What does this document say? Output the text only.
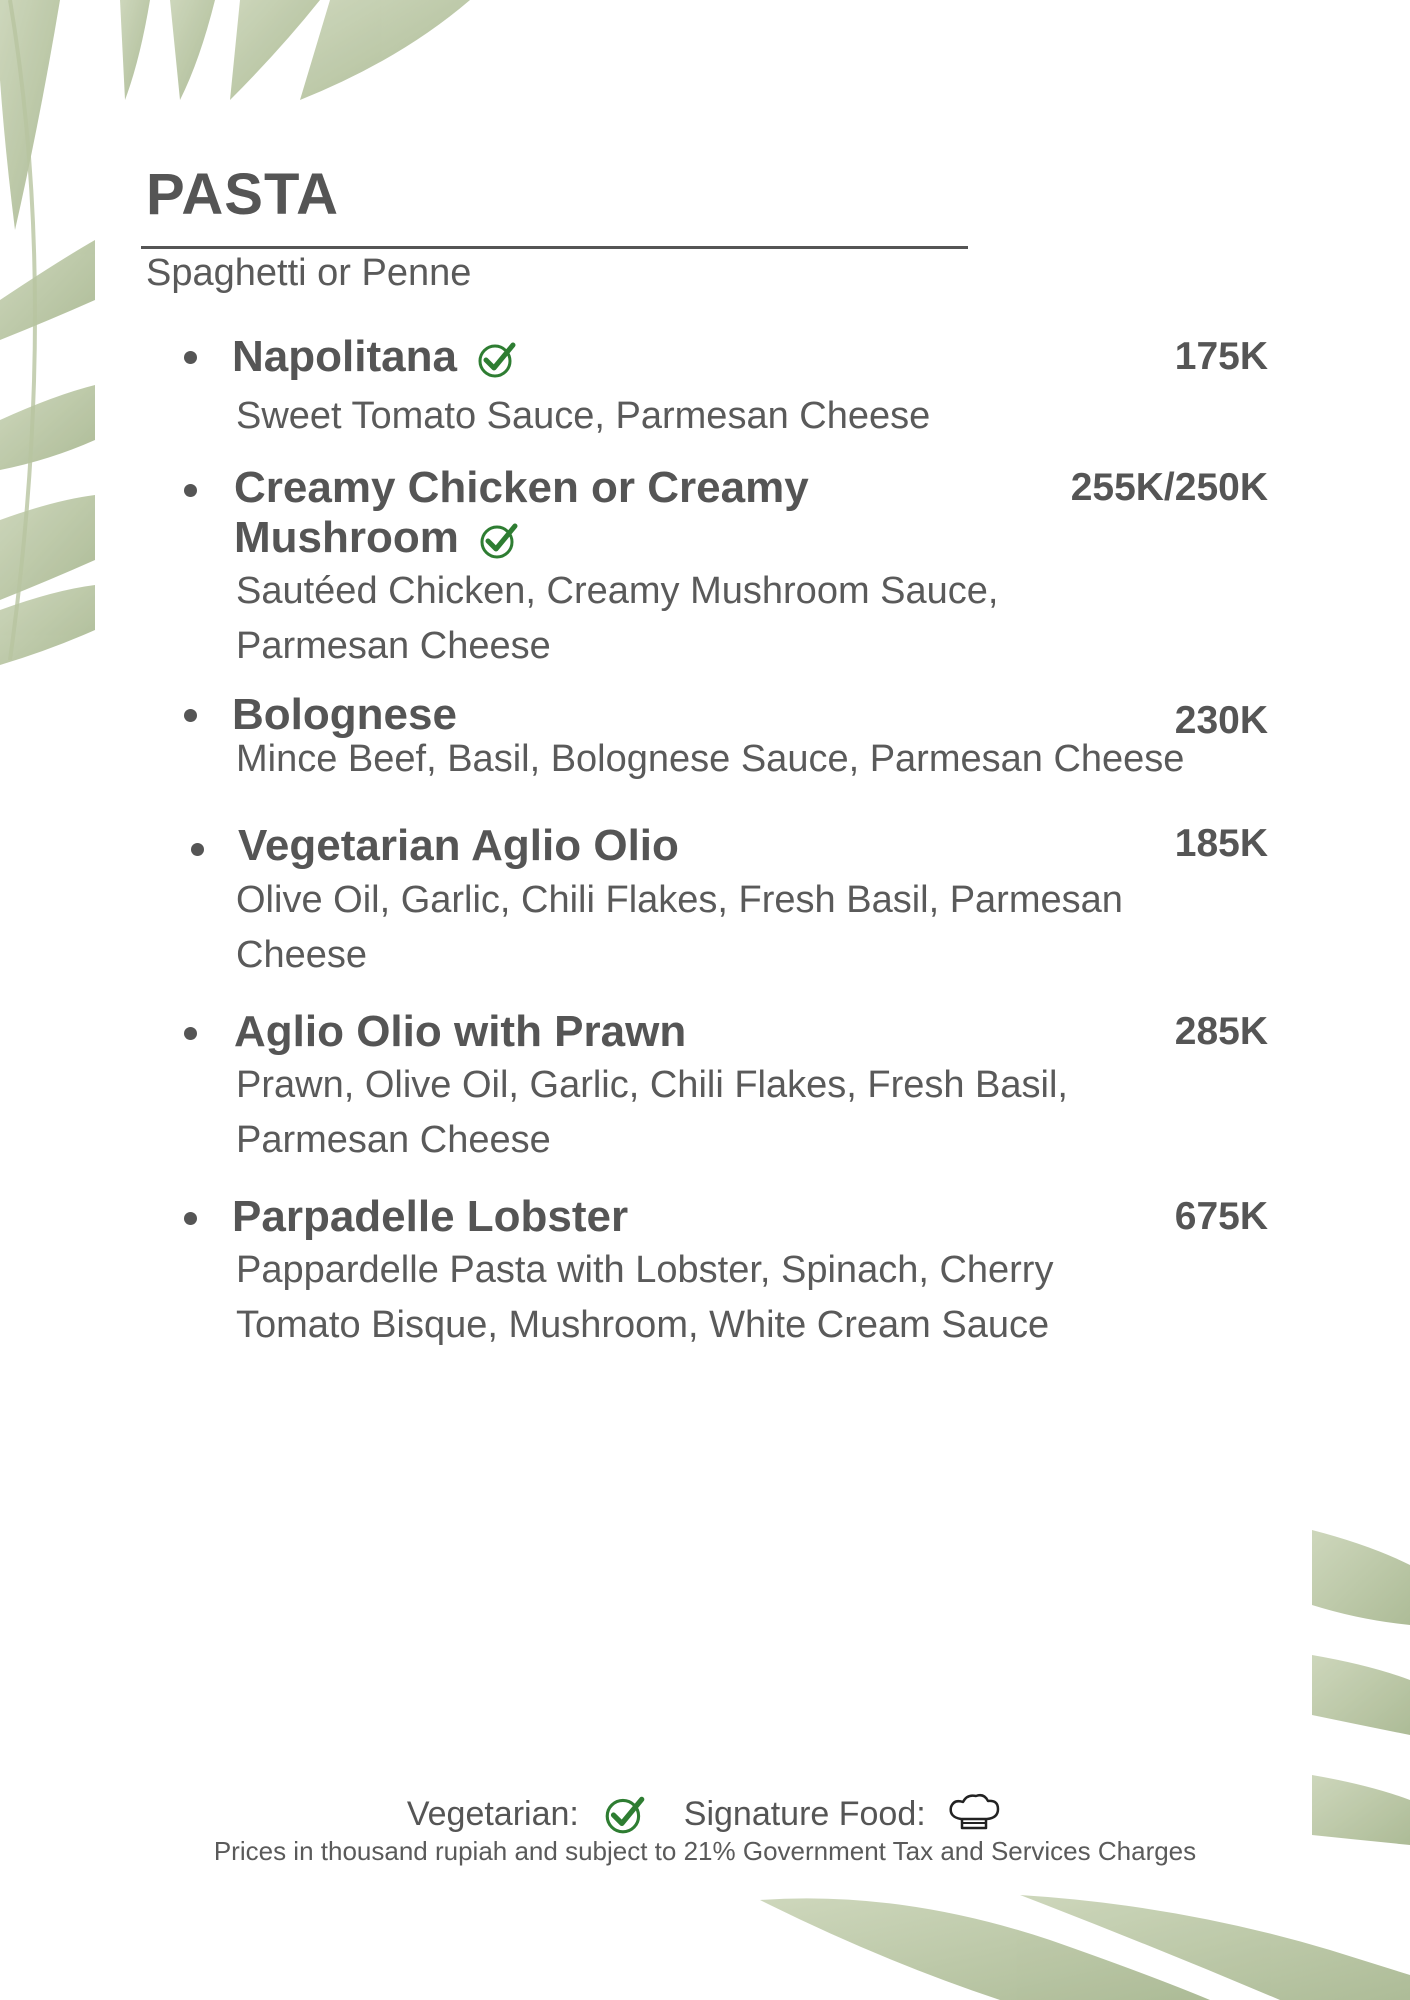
PASTA
Spaghetti or Penne
Napolitana	175K
Sweet Tomato Sauce, Parmesan Cheese
Creamy Chicken or Creamy
Mushroom
255K/250K
Sautéed Chicken, Creamy Mushroom Sauce,
Parmesan Cheese
Bolognese	230K
Mince Beef, Basil, Bolognese Sauce, Parmesan Cheese
Vegetarian Aglio Olio	185K
Olive Oil, Garlic, Chili Flakes, Fresh Basil, Parmesan
Cheese
Aglio Olio with Prawn	285K
Prawn, Olive Oil, Garlic, Chili Flakes, Fresh Basil,
Parmesan Cheese
Parpadelle Lobster	675K
Pappardelle Pasta with Lobster, Spinach, Cherry
Tomato Bisque, Mushroom, White Cream Sauce
Vegetarian:	Signature Food:
Prices in thousand rupiah and subject to 21% Government Tax and Services Charges
